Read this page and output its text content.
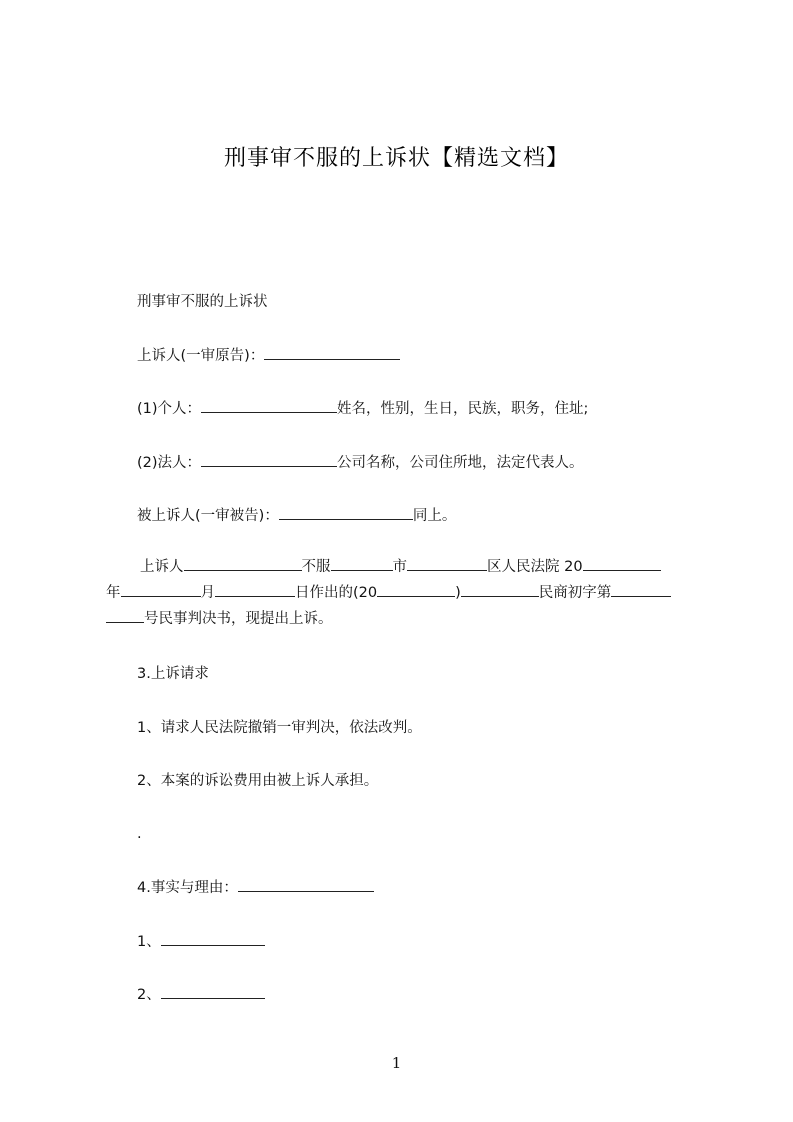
刑事审不服的上诉状【精选文档】
刑事审不服的上诉状
上诉人(一审原告)：
(1)个人：	姓名，性别，生日，民族，职务，住址;
(2)法人：	公司名称，公司住所地，法定代表人。
被上诉人(一审被告)：	同上。
上诉人	不服	市	区人民法院 20
年	月	日作出的(20	)	民商初字第
号民事判决书，现提出上诉。
3.上诉请求
1、请求人民法院撤销一审判决，依法改判。
2、本案的诉讼费用由被上诉人承担。
.
4.事实与理由：
1、
2、
1
